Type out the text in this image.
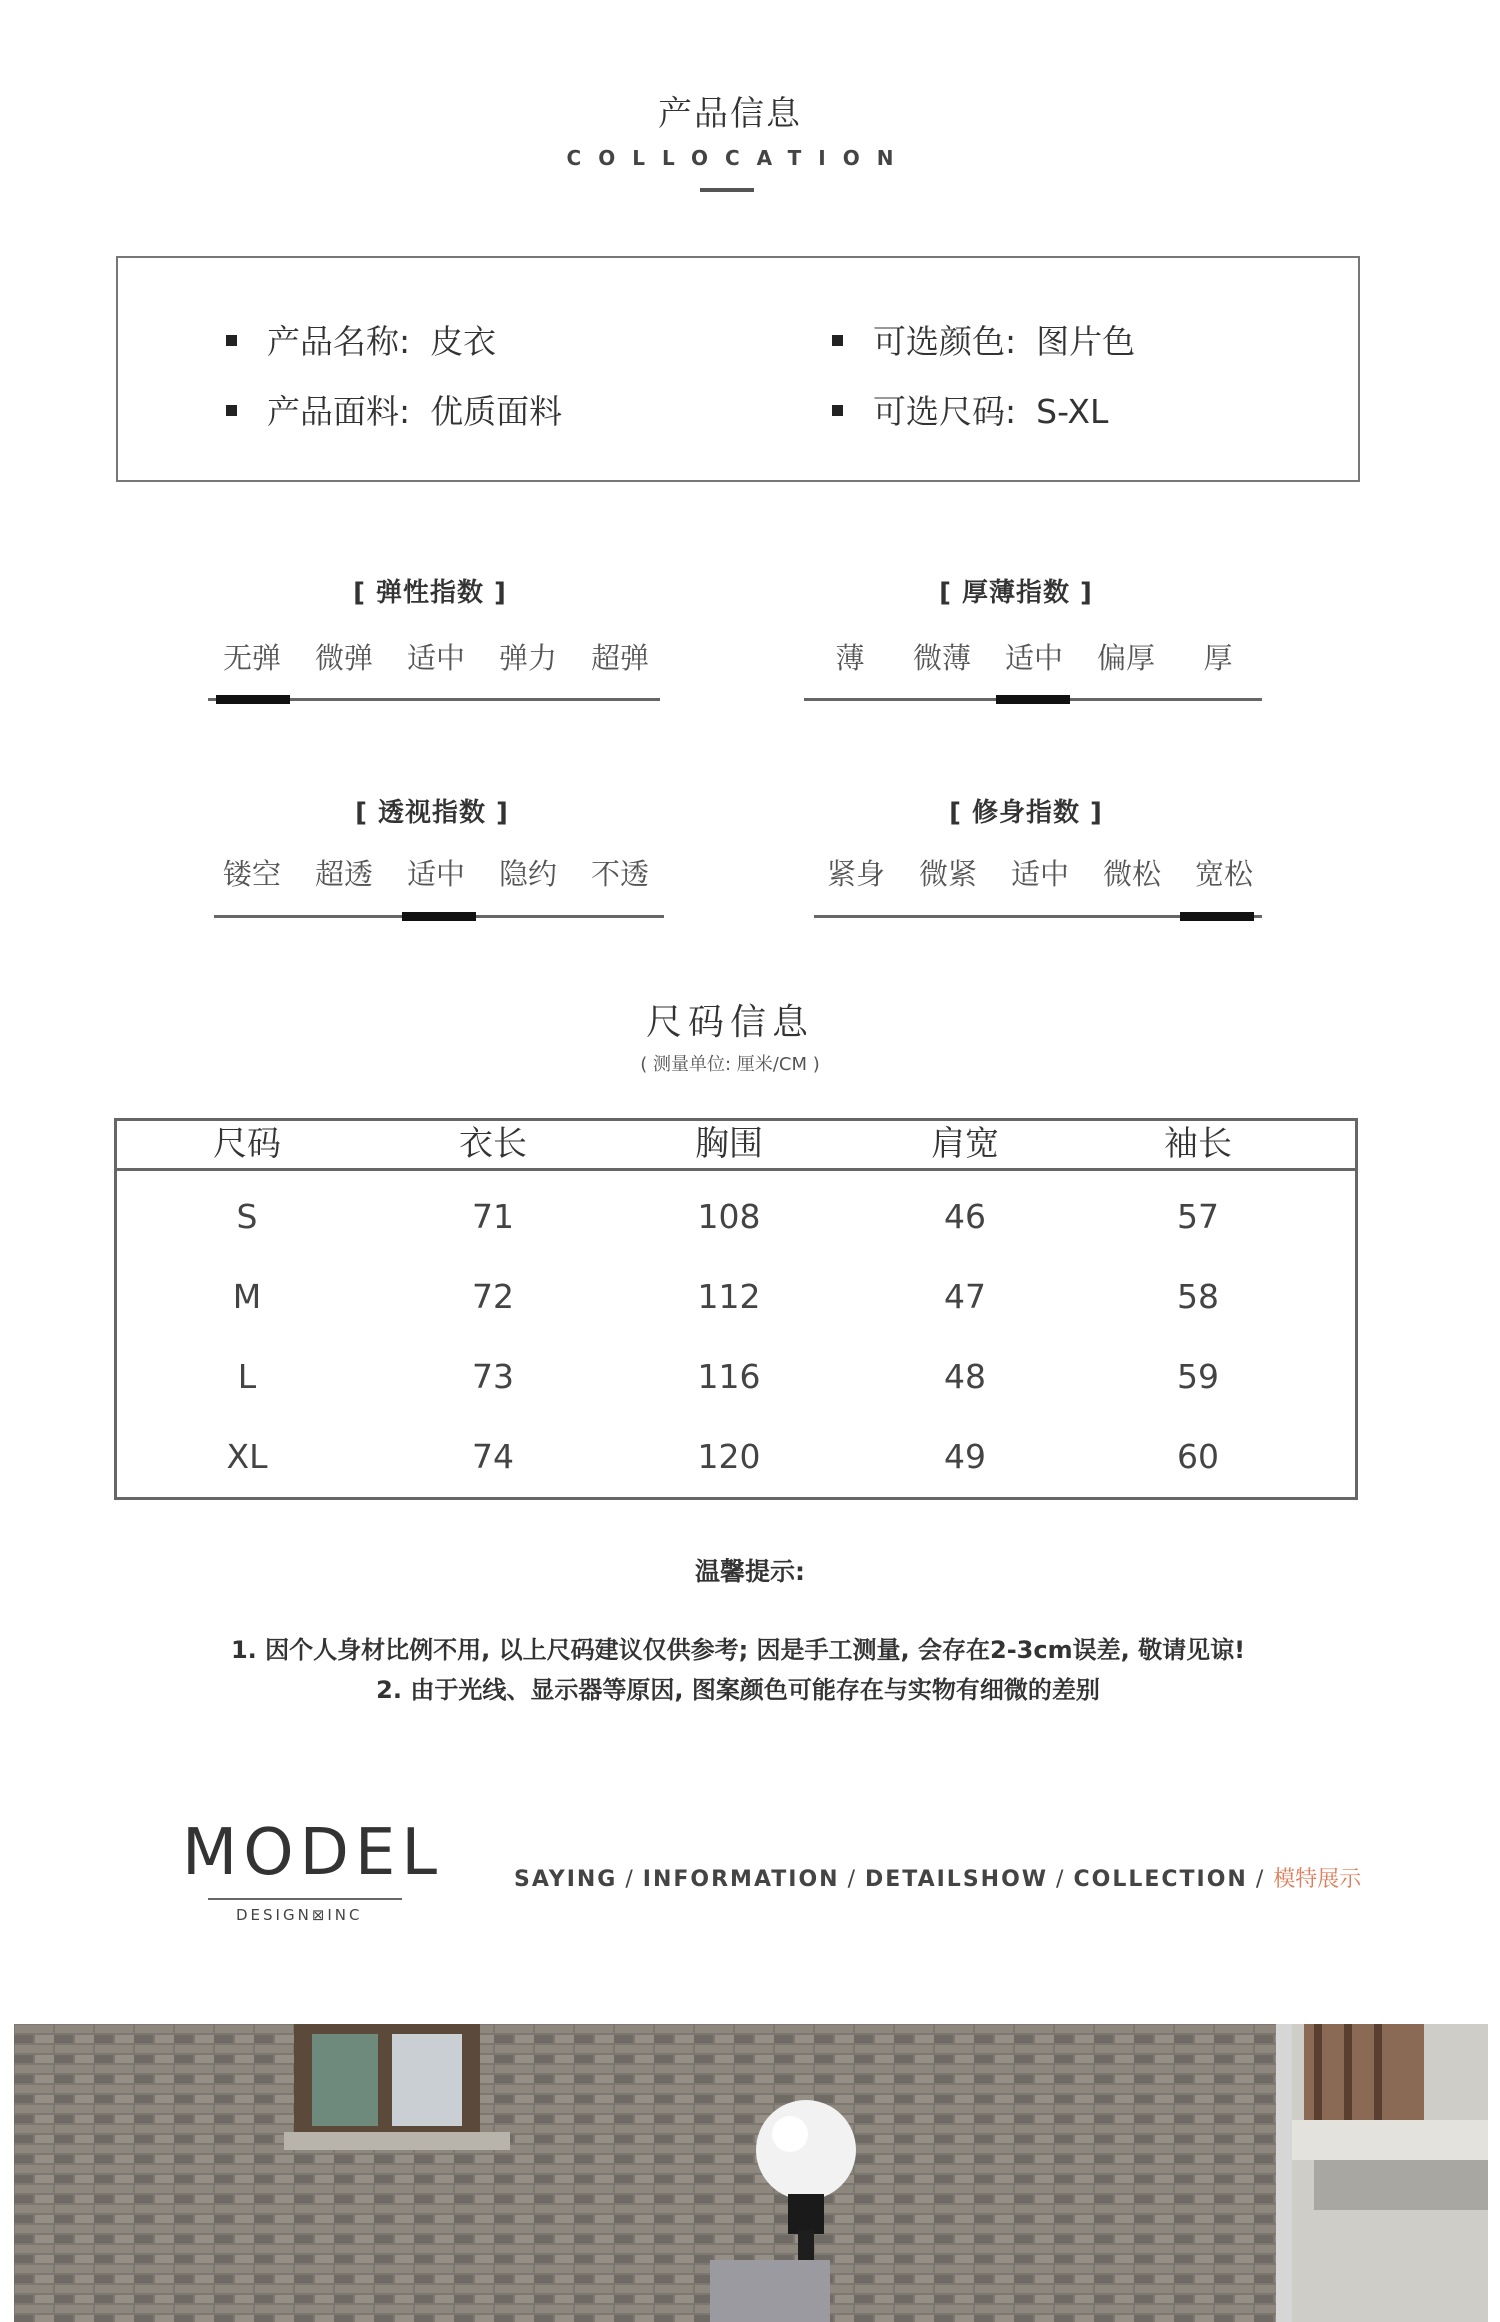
产品信息
COLLOCATION
产品名称: 皮衣
产品面料: 优质面料
可选颜色: 图片色
可选尺码: S-XL
[ 弹性指数 ]
无弹	微弹	适中	弹力	超弹
[ 厚薄指数 ]
薄	微薄	适中	偏厚	厚
[ 透视指数 ]
镂空	超透	适中	隐约	不透
[ 修身指数 ]
紧身	微紧	适中	微松	宽松
尺码信息
( 测量单位: 厘米/CM )
尺码	衣长	胸围	肩宽	袖长
S	71	108	46	57
M	72	112	47	58
L	73	116	48	59
XL	74	120	49	60
温馨提示:
1. 因个人身材比例不用, 以上尺码建议仅供参考; 因是手工测量, 会存在2-3cm误差, 敬请见谅!
2. 由于光线、显示器等原因, 图案颜色可能存在与实物有细微的差别
MODEL
DESIGN⊠INC
SAYING / INFORMATION / DETAILSHOW / COLLECTION / 模特展示
